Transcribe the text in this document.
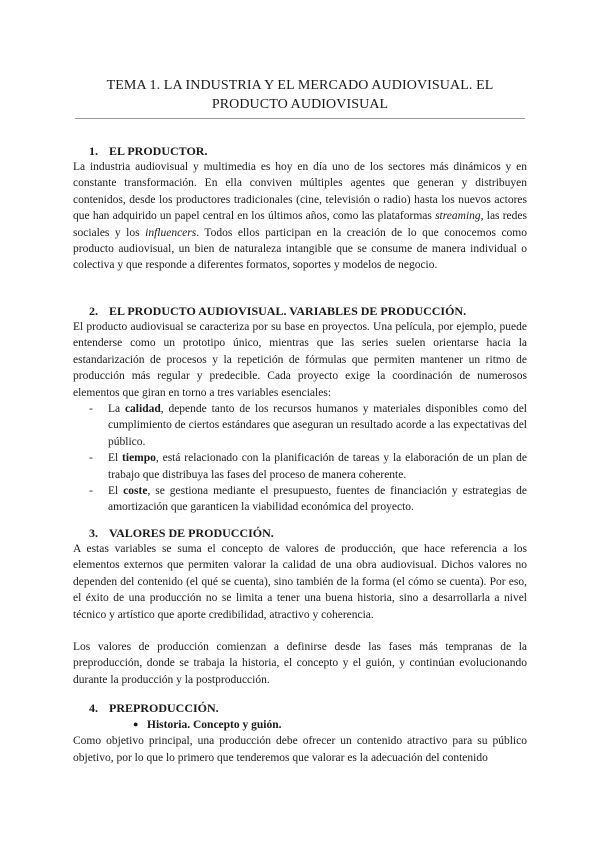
TEMA 1. LA INDUSTRIA Y EL MERCADO AUDIOVISUAL. EL PRODUCTO AUDIOVISUAL

1. EL PRODUCTOR.

La industria audiovisual y multimedia es hoy en día uno de los sectores más dinámicos y en constante transformación. En ella conviven múltiples agentes que generan y distribuyen contenidos, desde los productores tradicionales (cine, televisión o radio) hasta los nuevos actores que han adquirido un papel central en los últimos años, como las plataformas streaming, las redes sociales y los influencers. Todos ellos participan en la creación de lo que conocemos como producto audiovisual, un bien de naturaleza intangible que se consume de manera individual o colectiva y que responde a diferentes formatos, soportes y modelos de negocio.

2. EL PRODUCTO AUDIOVISUAL. VARIABLES DE PRODUCCIÓN.

El producto audiovisual se caracteriza por su base en proyectos. Una película, por ejemplo, puede entenderse como un prototipo único, mientras que las series suelen orientarse hacia la estandarización de procesos y la repetición de fórmulas que permiten mantener un ritmo de producción más regular y predecible. Cada proyecto exige la coordinación de numerosos elementos que giran en torno a tres variables esenciales:

- La calidad, depende tanto de los recursos humanos y materiales disponibles como del cumplimiento de ciertos estándares que aseguran un resultado acorde a las expectativas del público.
- El tiempo, está relacionado con la planificación de tareas y la elaboración de un plan de trabajo que distribuya las fases del proceso de manera coherente.
- El coste, se gestiona mediante el presupuesto, fuentes de financiación y estrategias de amortización que garanticen la viabilidad económica del proyecto.

3. VALORES DE PRODUCCIÓN.

A estas variables se suma el concepto de valores de producción, que hace referencia a los elementos externos que permiten valorar la calidad de una obra audiovisual. Dichos valores no dependen del contenido (el qué se cuenta), sino también de la forma (el cómo se cuenta). Por eso, el éxito de una producción no se limita a tener una buena historia, sino a desarrollarla a nivel técnico y artístico que aporte credibilidad, atractivo y coherencia.

Los valores de producción comienzan a definirse desde las fases más tempranas de la preproducción, donde se trabaja la historia, el concepto y el guión, y continúan evolucionando durante la producción y la postproducción.

4. PREPRODUCCIÓN.

● Historia. Concepto y guión.

Como objetivo principal, una producción debe ofrecer un contenido atractivo para su público objetivo, por lo que lo primero que tenderemos que valorar es la adecuación del contenido
